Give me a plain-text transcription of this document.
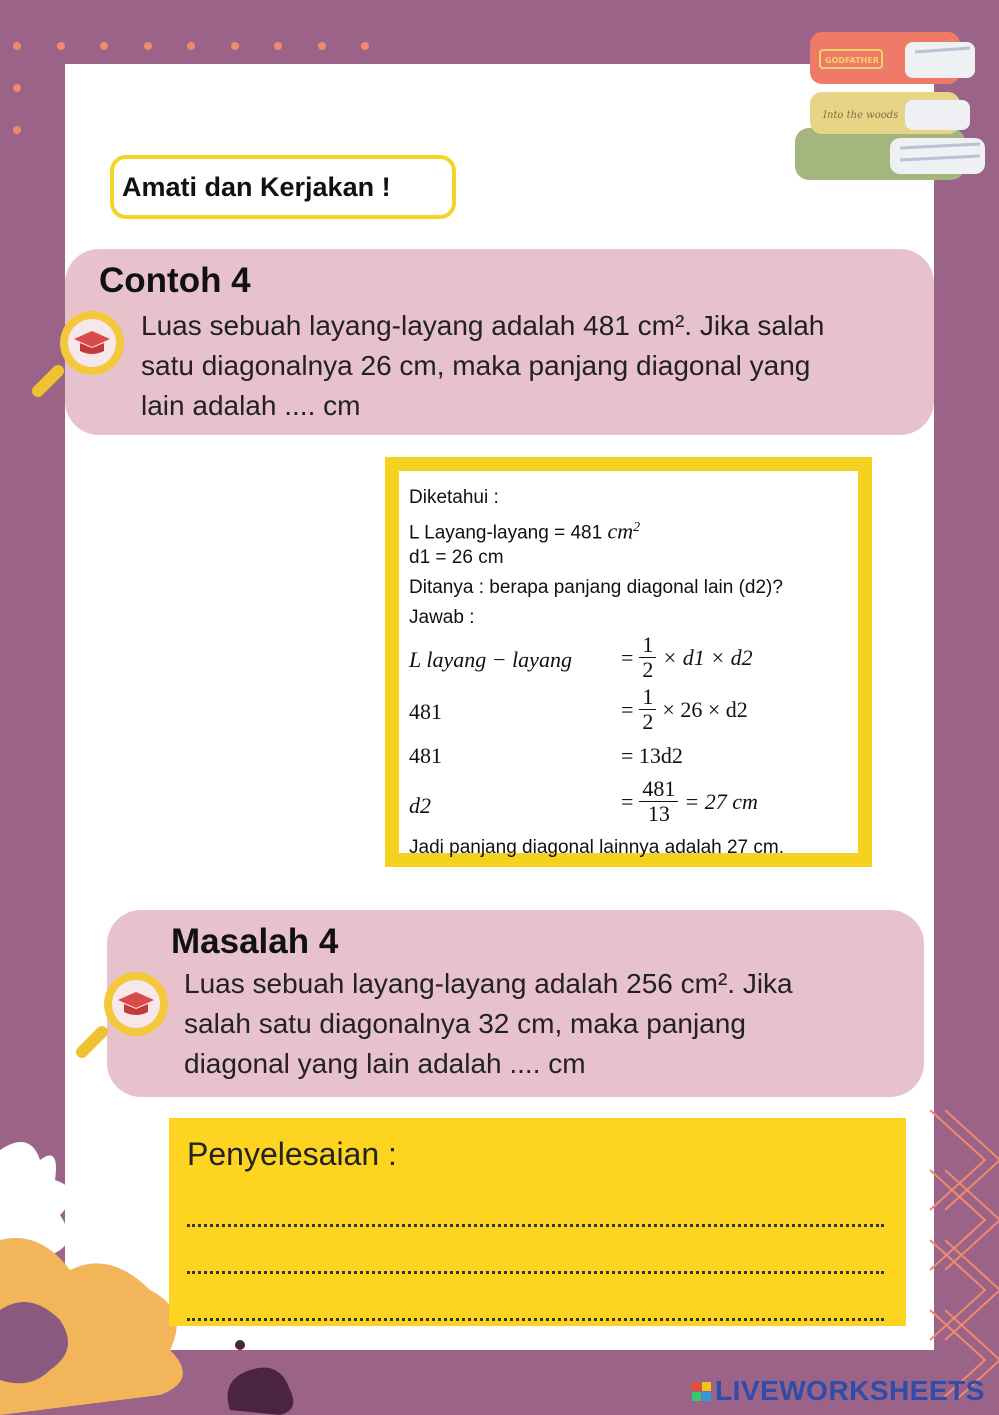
Into the woods
GODFATHER
Amati dan Kerjakan !
Contoh 4
Luas sebuah layang-layang adalah 481 cm². Jika salah
satu diagonalnya 26 cm, maka panjang diagonal yang
lain adalah .... cm
Diketahui :
L Layang-layang = 481 $cm^2$
d1 = 26 cm
Ditanya : berapa panjang diagonal lain (d2)?
Jawab :
L layang − layang = $\frac{1}{2} \times d1 \times d2$
481	= $\frac{1}{2} \times 26 \times d2$
481	= 13d2
d2	= $\frac{481}{13} = 27$ cm
Jadi panjang diagonal lainnya adalah 27 cm.
Masalah 4
Luas sebuah layang-layang adalah 256 cm². Jika
salah satu diagonalnya 32 cm, maka panjang
diagonal yang lain adalah .... cm
Penyelesaian :
LIVEWORKSHEETS
